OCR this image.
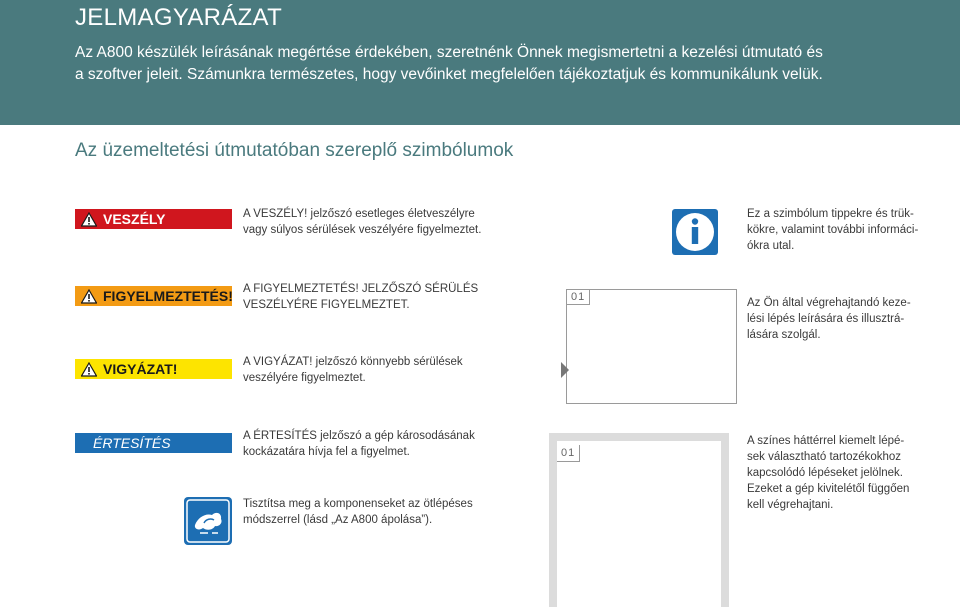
JELMAGYARÁZAT
Az A800 készülék leírásának megértése érdekében, szeretnénk Önnek megismertetni a kezelési útmutató és a szoftver jeleit. Számunkra természetes, hogy vevőinket megfelelően tájékoztatjuk és kommunikálunk velük.
Az üzemeltetési útmutatóban szereplő szimbólumok
VESZÉLY	A VESZÉLY! jelzőszó esetleges életveszélyre
vagy súlyos sérülések veszélyére figyelmeztet.
FIGYELMEZTETÉS! A FIGYELMEZTETÉS! JELZŐSZÓ SÉRÜLÉS
VESZÉLYÉRE FIGYELMEZTET.
VIGYÁZAT!	A VIGYÁZAT! jelzőszó könnyebb sérülések
veszélyére figyelmeztet.
ÉRTESÍTÉS	A ÉRTESÍTÉS jelzőszó a gép károsodásának
kockázatára hívja fel a figyelmet.
Tisztítsa meg a komponenseket az ötlépéses
módszerrel (lásd „Az A800 ápolása”).
Ez a szimbólum tippekre és trük-
kökre, valamint további informáci-
ókra utal.
01	Az Ön által végrehajtandó keze-
lési lépés leírására és illusztrá-
lására szolgál.
01
A színes háttérrel kiemelt lépé-
sek választható tartozékokhoz
kapcsolódó lépéseket jelölnek.
Ezeket a gép kivitelétől függően
kell végrehajtani.
